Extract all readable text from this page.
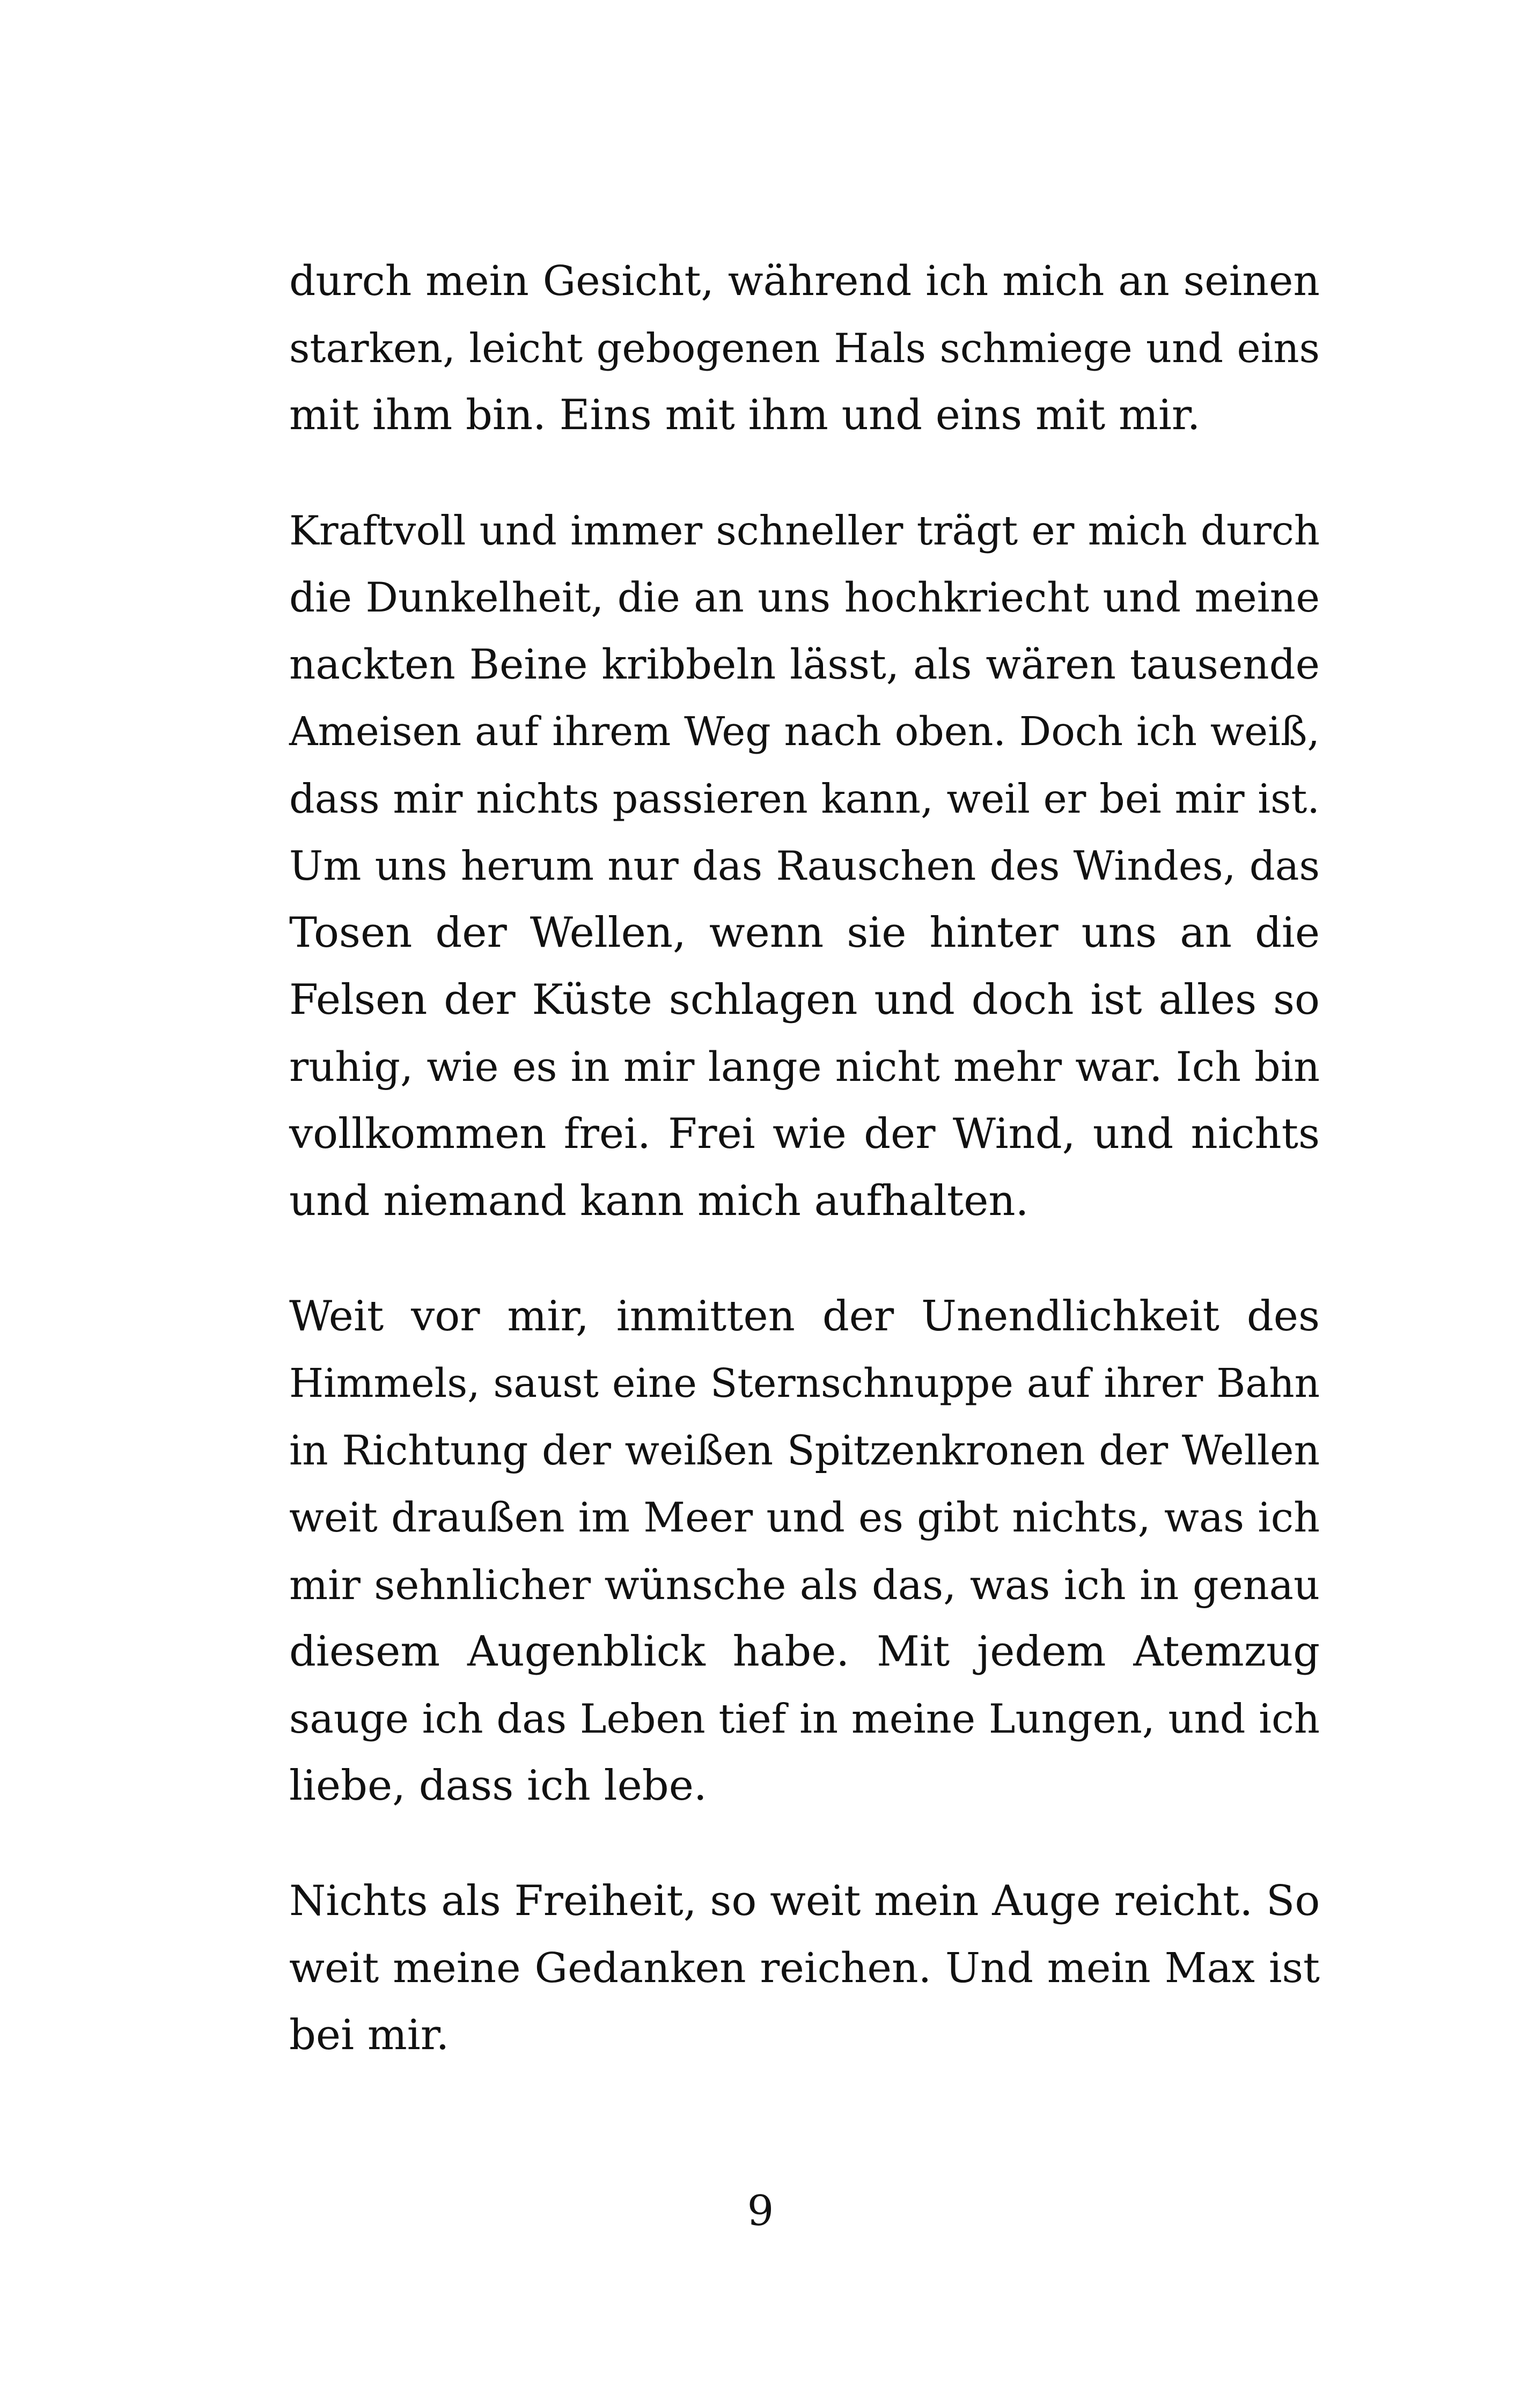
durch mein Gesicht, während ich mich an seinen
starken, leicht gebogenen Hals schmiege und eins
mit ihm bin. Eins mit ihm und eins mit mir.
Kraftvoll und immer schneller trägt er mich durch
die Dunkelheit, die an uns hochkriecht und meine
nackten Beine kribbeln lässt, als wären tausende
Ameisen auf ihrem Weg nach oben. Doch ich weiß,
dass mir nichts passieren kann, weil er bei mir ist.
Um uns herum nur das Rauschen des Windes, das
Tosen der Wellen, wenn sie hinter uns an die
Felsen der Küste schlagen und doch ist alles so
ruhig, wie es in mir lange nicht mehr war. Ich bin
vollkommen frei. Frei wie der Wind, und nichts
und niemand kann mich aufhalten.
Weit vor mir, inmitten der Unendlichkeit des
Himmels, saust eine Sternschnuppe auf ihrer Bahn
in Richtung der weißen Spitzenkronen der Wellen
weit draußen im Meer und es gibt nichts, was ich
mir sehnlicher wünsche als das, was ich in genau
diesem Augenblick habe. Mit jedem Atemzug
sauge ich das Leben tief in meine Lungen, und ich
liebe, dass ich lebe.
Nichts als Freiheit, so weit mein Auge reicht. So
weit meine Gedanken reichen. Und mein Max ist
bei mir.
9
